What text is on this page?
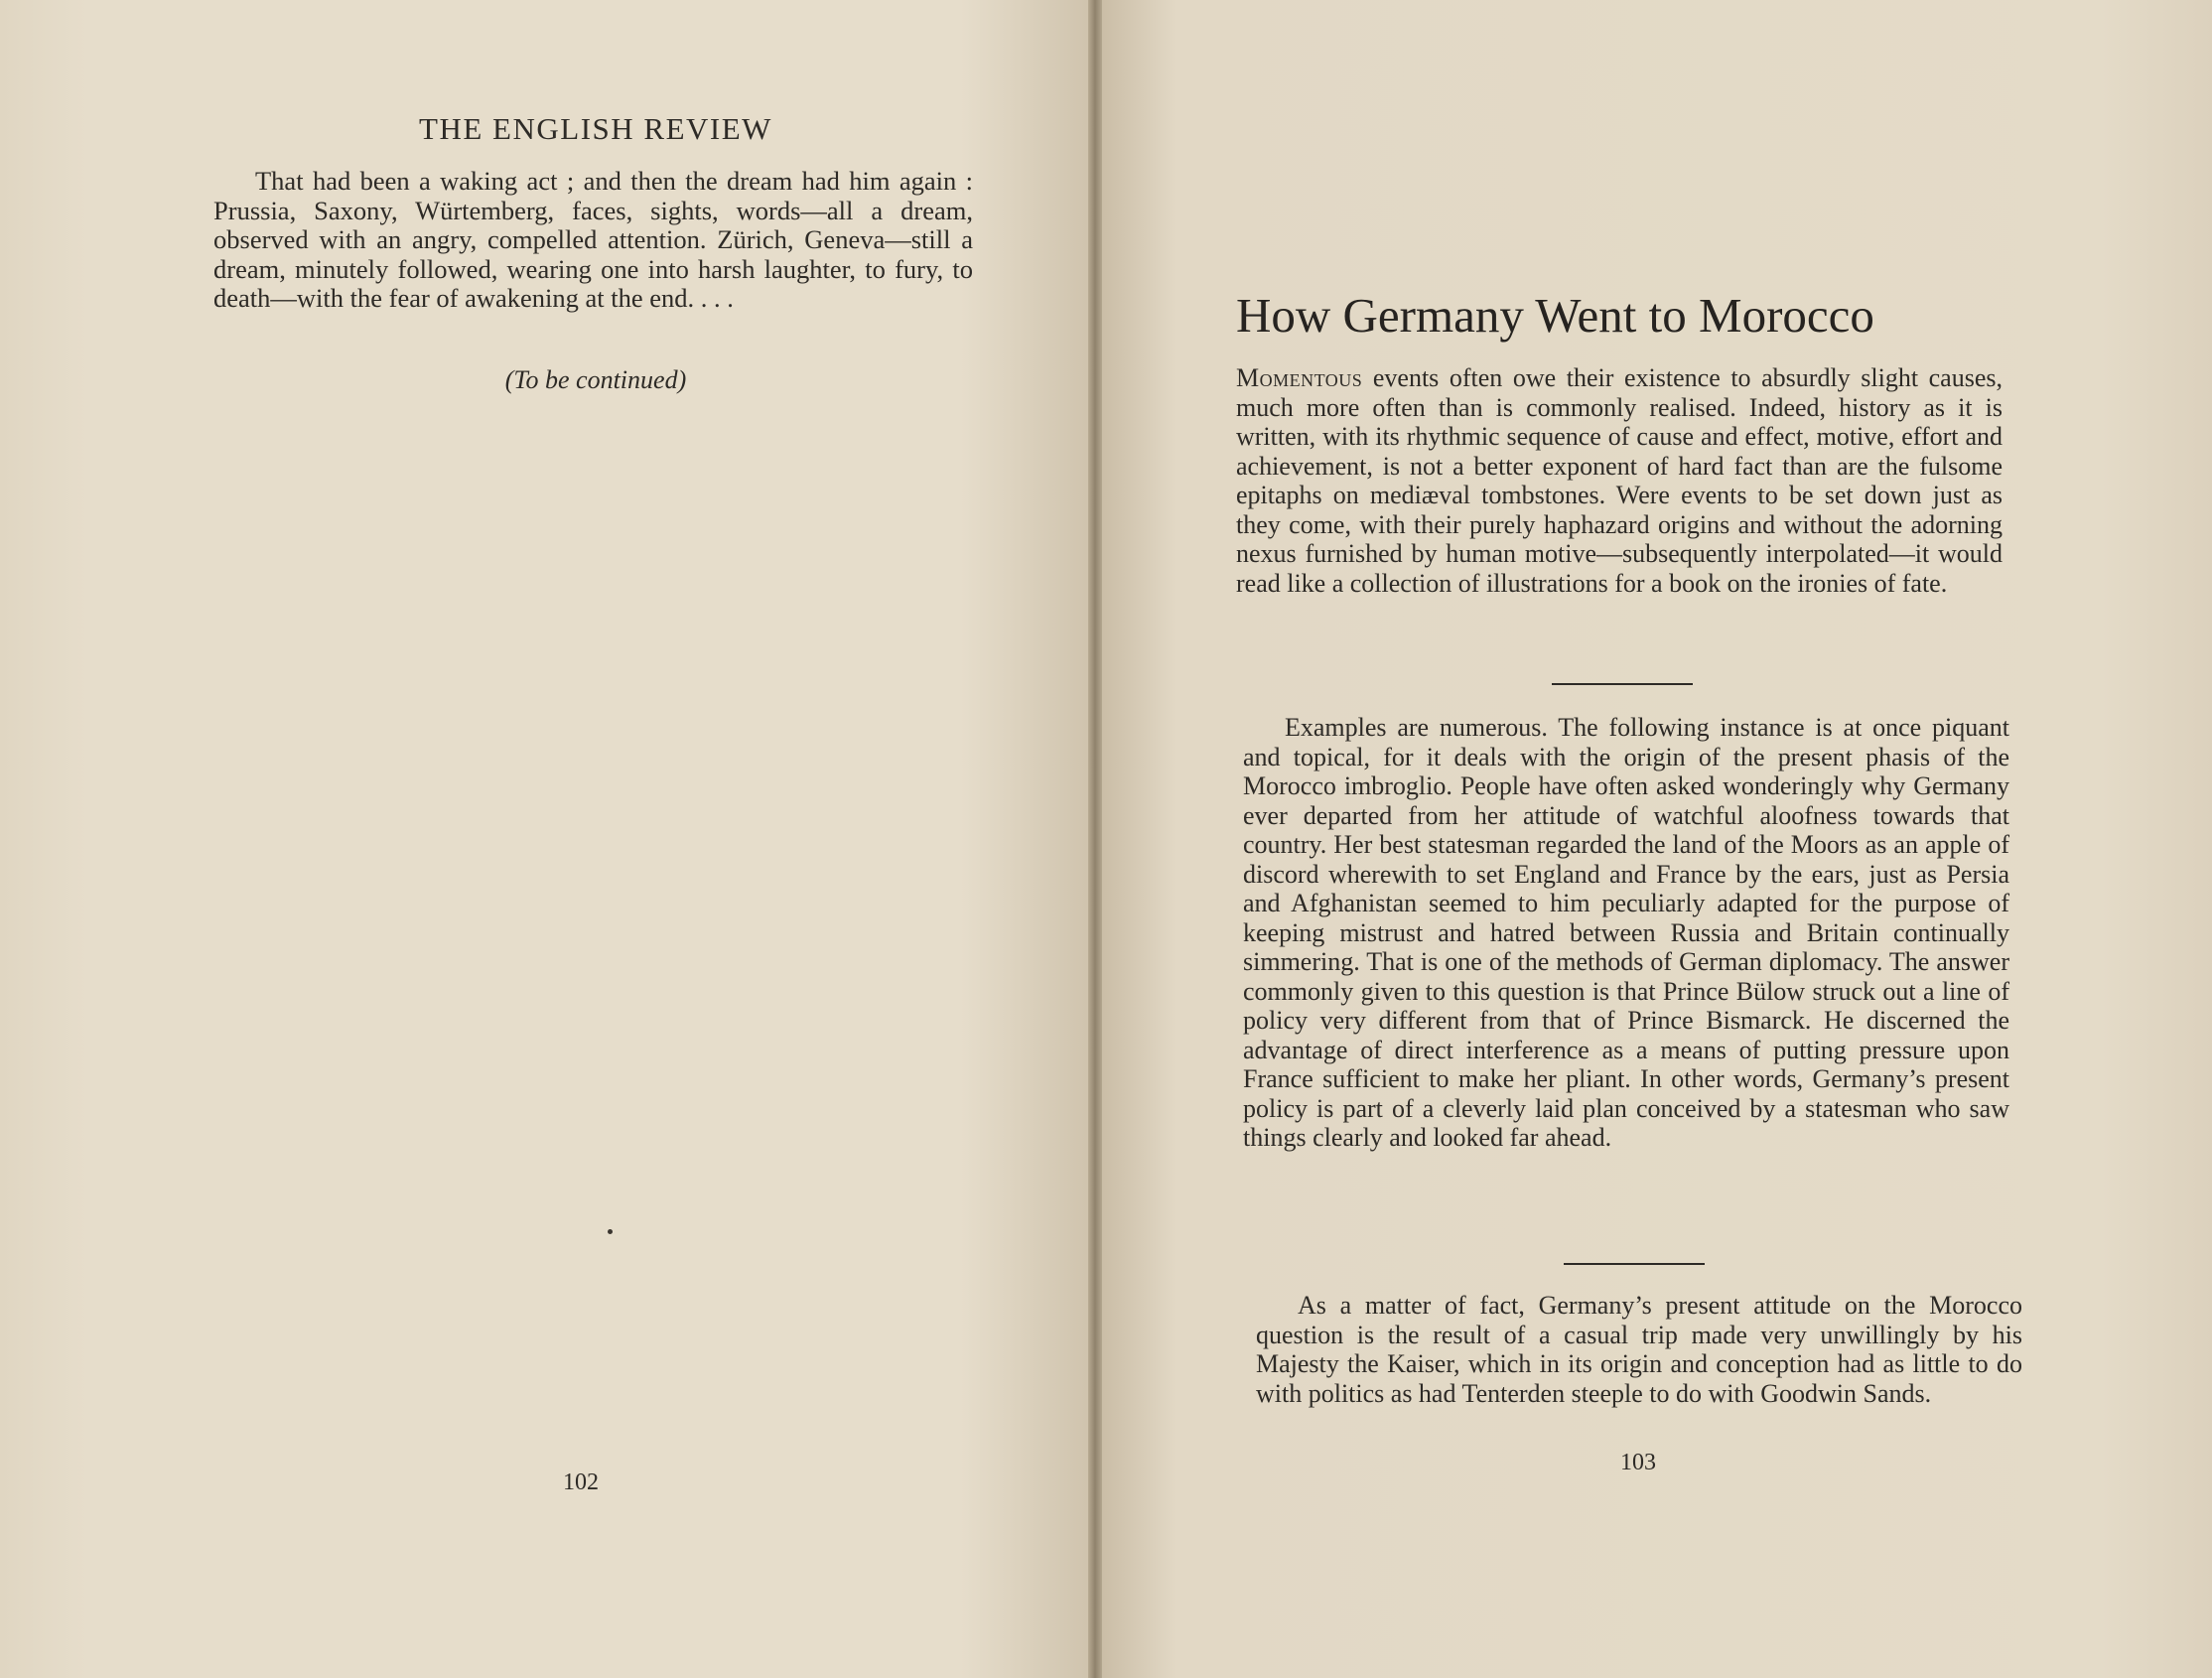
THE ENGLISH REVIEW

That had been a waking act ; and then the dream had him again : Prussia, Saxony, Würtemberg, faces, sights, words—all a dream, observed with an angry, compelled attention. Zürich, Geneva—still a dream, minutely followed, wearing one into harsh laughter, to fury, to death—with the fear of awakening at the end. . . .

(To be continued)
102
How Germany Went to Morocco

Momentous events often owe their existence to absurdly slight causes, much more often than is commonly realised. Indeed, history as it is written, with its rhythmic sequence of cause and effect, motive, effort and achievement, is not a better exponent of hard fact than are the fulsome epitaphs on mediæval tombstones. Were events to be set down just as they come, with their purely haphazard origins and without the adorning nexus furnished by human motive—subsequently interpolated—it would read like a collection of illustrations for a book on the ironies of fate.

Examples are numerous. The following instance is at once piquant and topical, for it deals with the origin of the present phasis of the Morocco imbroglio. People have often asked wonderingly why Germany ever departed from her attitude of watchful aloofness towards that country. Her best statesman regarded the land of the Moors as an apple of discord wherewith to set England and France by the ears, just as Persia and Afghanistan seemed to him peculiarly adapted for the purpose of keeping mistrust and hatred between Russia and Britain continually simmering. That is one of the methods of German diplomacy. The answer commonly given to this question is that Prince Bülow struck out a line of policy very different from that of Prince Bismarck. He discerned the advantage of direct interference as a means of putting pressure upon France sufficient to make her pliant. In other words, Germany’s present policy is part of a cleverly laid plan conceived by a statesman who saw things clearly and looked far ahead.

As a matter of fact, Germany’s present attitude on the Morocco question is the result of a casual trip made very unwillingly by his Majesty the Kaiser, which in its origin and conception had as little to do with politics as had Tenterden steeple to do with Goodwin Sands.

103
